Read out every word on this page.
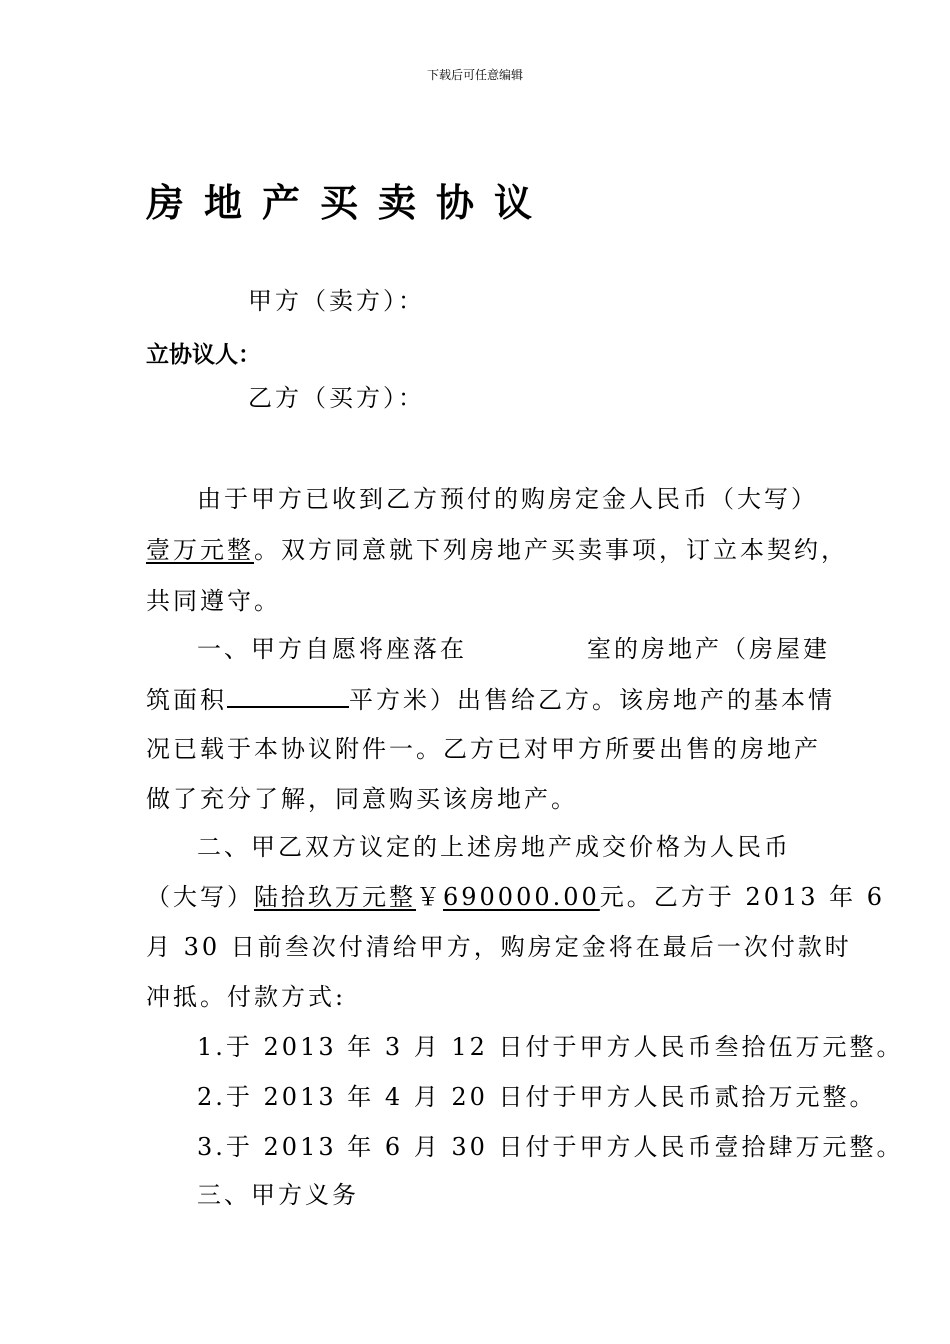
下载后可任意编辑
房地产买卖协议
甲方（卖方）：
立协议人：
乙方（买方）：
由于甲方已收到乙方预付的购房定金人民币（大写）
壹万元整。双方同意就下列房地产买卖事项，订立本契约，
共同遵守。
一、甲方自愿将座落在	室的房地产（房屋建
筑面积	平方米）出售给乙方。该房地产的基本情
况已载于本协议附件一。乙方已对甲方所要出售的房地产
做了充分了解，同意购买该房地产。
二、甲乙双方议定的上述房地产成交价格为人民币
（大写）陆拾玖万元整￥690000.00元。乙方于 2013 年 6
月 30 日前叁次付清给甲方，购房定金将在最后一次付款时
冲抵。付款方式:
1.于 2013 年 3 月 12 日付于甲方人民币叁拾伍万元整。
2.于 2013 年 4 月 20 日付于甲方人民币贰拾万元整。
3.于 2013 年 6 月 30 日付于甲方人民币壹拾肆万元整。
三、甲方义务
